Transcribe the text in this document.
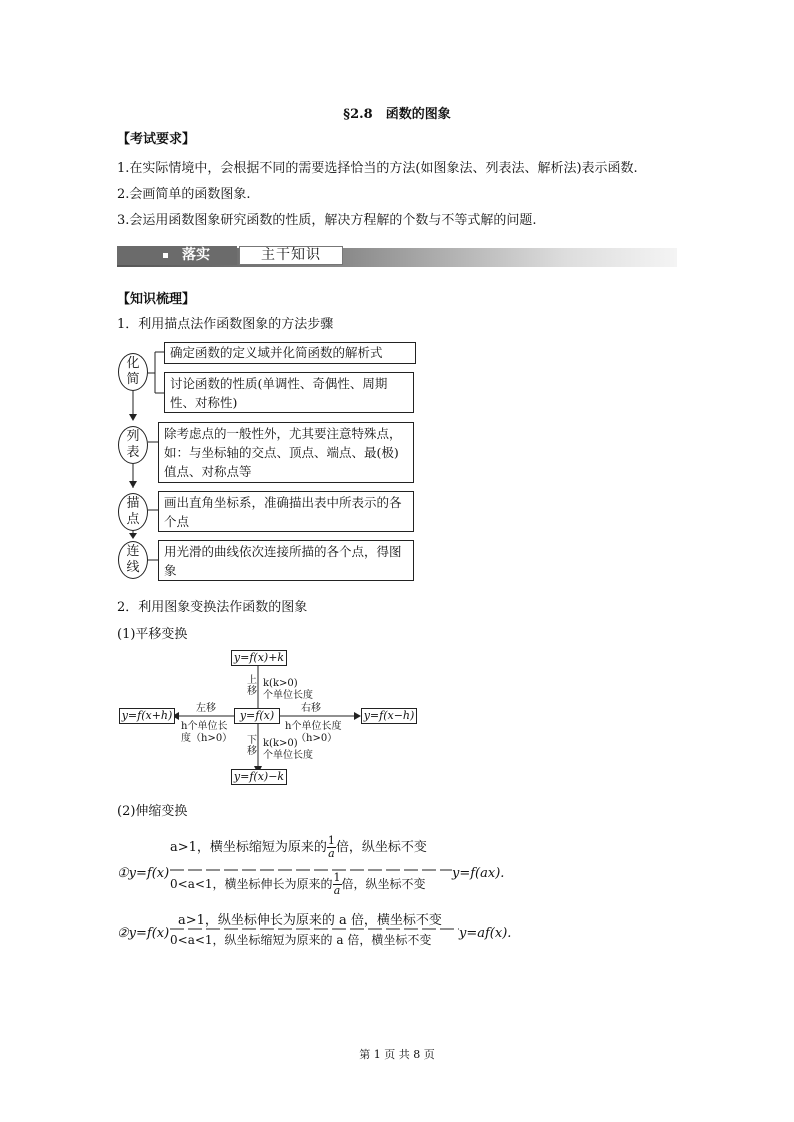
§2.8　函数的图象
【考试要求】
1.在实际情境中，会根据不同的需要选择恰当的方法(如图象法、列表法、解析法)表示函数.
2.会画简单的函数图象.
3.会运用函数图象研究函数的性质，解决方程解的个数与不等式解的问题.
落实	主干知识
【知识梳理】
1．利用描点法作函数图象的方法步骤
化
简
列
表
描
点
连
线
确定函数的定义域并化简函数的解析式
讨论函数的性质(单调性、奇偶性、周期性、对称性)
除考虑点的一般性外，尤其要注意特殊点，如：与坐标轴的交点、顶点、端点、最(极)值点、对称点等
画出直角坐标系，准确描出表中所表示的各个点
用光滑的曲线依次连接所描的各个点，得图象
2．利用图象变换法作函数的图象
(1)平移变换
y=f(x)+k
y=f(x)
y=f(x+h)	y=f(x−h)
y=f(x)−k
上移
k(k>0)
个单位长度
下移
k(k>0)
个单位长度
左移
h个单位长
度（h>0）
右移
h个单位长度
（h>0）
(2)伸缩变换
a>1，横坐标缩短为原来的 $\frac{1}{a}$ 倍，纵坐标不变
①y=f(x)
0<a<1，横坐标伸长为原来的 $\frac{1}{a}$ 倍，纵坐标不变
y=f(ax).
a>1，纵坐标伸长为原来的 a 倍，横坐标不变
②y=f(x) 0<a<1，纵坐标缩短为原来的 a 倍，横坐标不变 y=af(x).
第 1 页 共 8 页
